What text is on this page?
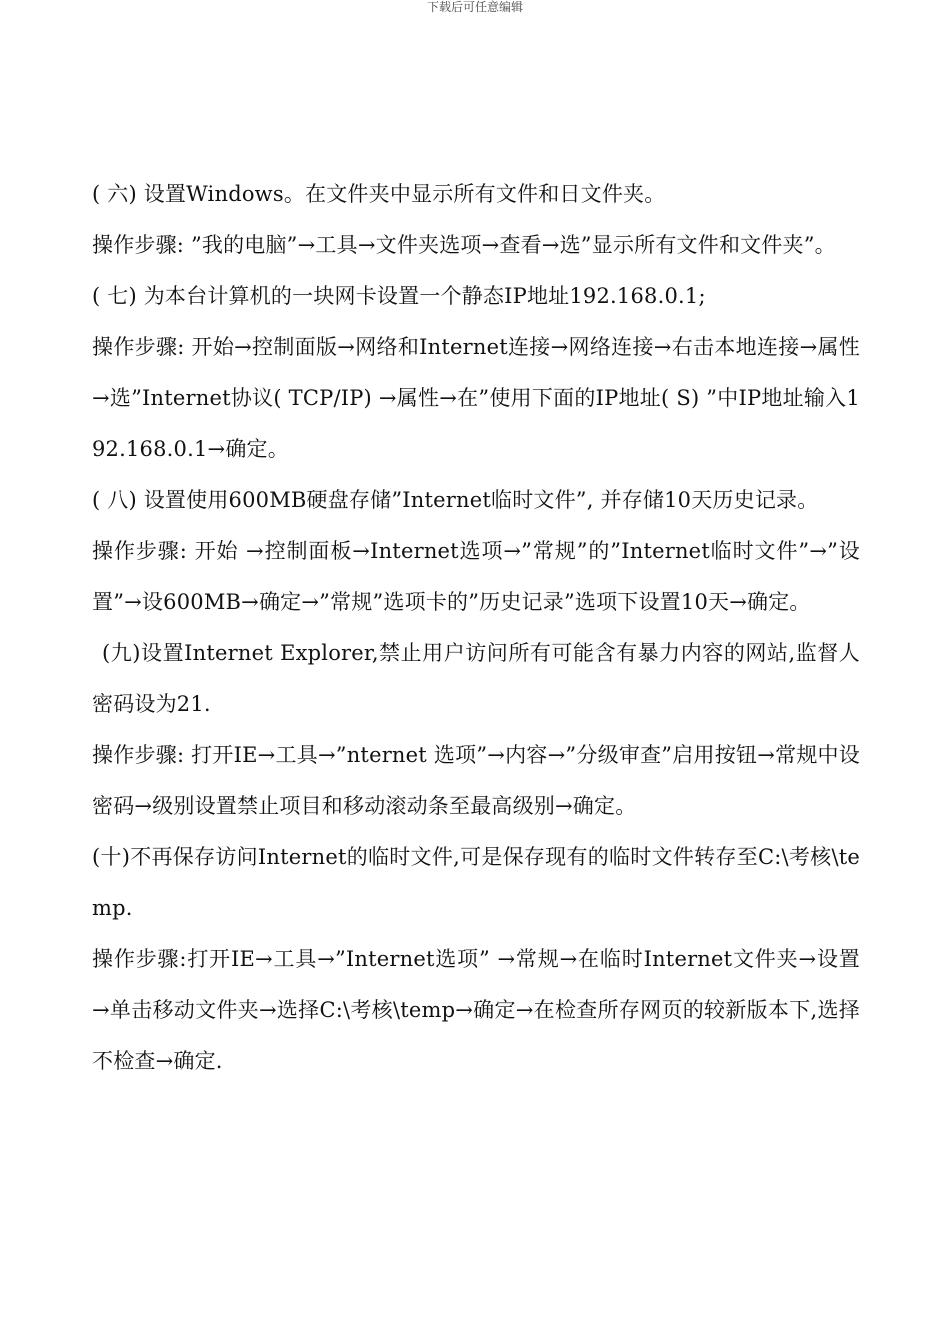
下载后可任意编辑

( 六) 设置Windows。在文件夹中显示所有文件和日文件夹。

操作步骤: ”我的电脑”→工具→文件夹选项→查看→选”显示所有文件和文件夹”。

( 七) 为本台计算机的一块网卡设置一个静态IP地址192.168.0.1;

操作步骤: 开始→控制面版→网络和Internet连接→网络连接→右击本地连接→属性→选”Internet协议( TCP/IP) →属性→在”使用下面的IP地址( S) ”中IP地址输入192.168.0.1→确定。

( 八) 设置使用600MB硬盘存储”Internet临时文件”, 并存储10天历史记录。

操作步骤: 开始 →控制面板→Internet选项→”常规”的”Internet临时文件”→”设置”→设600MB→确定→”常规”选项卡的”历史记录”选项下设置10天→确定。

(九)设置Internet Explorer,禁止用户访问所有可能含有暴力内容的网站,监督人密码设为21.

操作步骤: 打开IE→工具→”nternet 选项”→内容→”分级审查”启用按钮→常规中设密码→级别设置禁止项目和移动滚动条至最高级别→确定。

(十)不再保存访问Internet的临时文件,可是保存现有的临时文件转存至C:\考核\temp.

操作步骤:打开IE→工具→”Internet选项” →常规→在临时Internet文件夹→设置→单击移动文件夹→选择C:\考核\temp→确定→在检查所存网页的较新版本下,选择不检查→确定.
